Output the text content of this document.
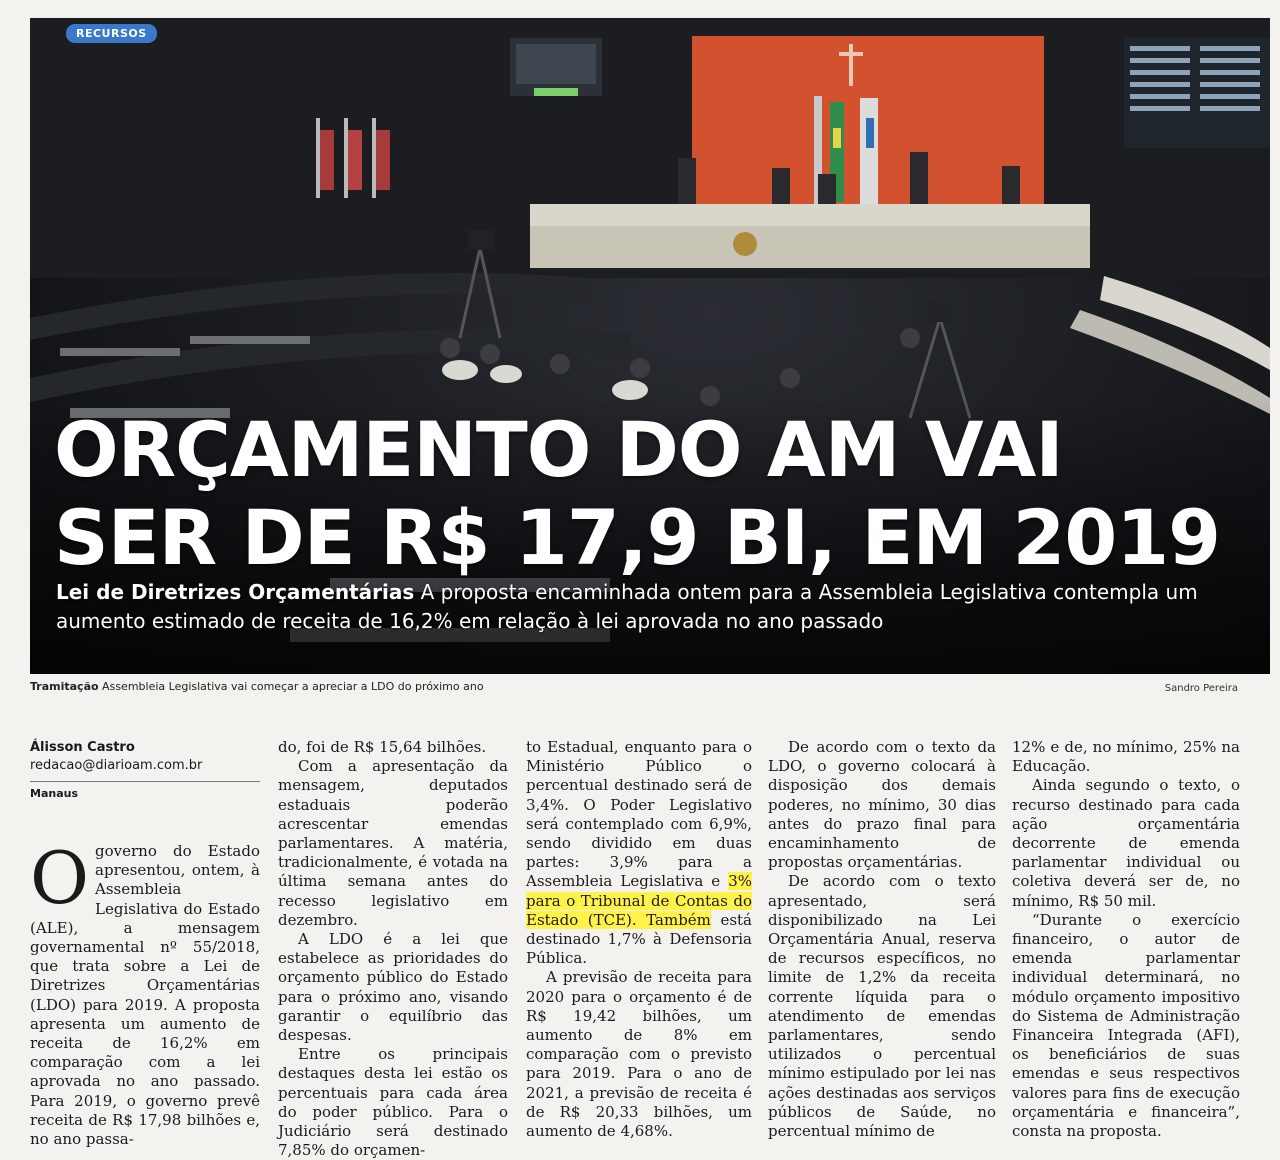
RECURSOS
ORÇAMENTO DO AM VAI
SER DE R$ 17,9 BI, EM 2019
Lei de Diretrizes Orçamentárias A proposta encaminhada ontem para a Assembleia Legislativa contempla um aumento estimado de receita de 16,2% em relação à lei aprovada no ano passado
Tramitação Assembleia Legislativa vai começar a apreciar a LDO do próximo ano	Sandro Pereira
Álisson Castro
redacao@diarioam.com.br
Manaus
O governo do Estado apresentou, ontem, à Assembleia Legislativa do Estado (ALE), a mensagem governamental nº 55/2018, que trata sobre a Lei de Diretrizes Orçamentárias (LDO) para 2019. A proposta apresenta um aumento de receita de 16,2% em comparação com a lei aprovada no ano passado. Para 2019, o governo prevê receita de R$ 17,98 bilhões e, no ano passa-

do, foi de R$ 15,64 bilhões.

Com a apresentação da mensagem, deputados estaduais poderão acrescentar emendas parlamentares. A matéria, tradicionalmente, é votada na última semana antes do recesso legislativo em dezembro.

A LDO é a lei que estabelece as prioridades do orçamento público do Estado para o próximo ano, visando garantir o equilíbrio das despesas.

Entre os principais destaques desta lei estão os percentuais para cada área do poder público. Para o Judiciário será destinado 7,85% do orçamen-

to Estadual, enquanto para o Ministério Público o percentual destinado será de 3,4%. O Poder Legislativo será contemplado com 6,9%, sendo dividido em duas partes: 3,9% para a Assembleia Legislativa e 3% para o Tribunal de Contas do Estado (TCE). Também está destinado 1,7% à Defensoria Pública.

A previsão de receita para 2020 para o orçamento é de R$ 19,42 bilhões, um aumento de 8% em comparação com o previsto para 2019. Para o ano de 2021, a previsão de receita é de R$ 20,33 bilhões, um aumento de 4,68%.

De acordo com o texto da LDO, o governo colocará à disposição dos demais poderes, no mínimo, 30 dias antes do prazo final para encaminhamento de propostas orçamentárias.

De acordo com o texto apresentado, será disponibilizado na Lei Orçamentária Anual, reserva de recursos específicos, no limite de 1,2% da receita corrente líquida para o atendimento de emendas parlamentares, sendo utilizados o percentual mínimo estipulado por lei nas ações destinadas aos serviços públicos de Saúde, no percentual mínimo de

12% e de, no mínimo, 25% na Educação.

Ainda segundo o texto, o recurso destinado para cada ação orçamentária decorrente de emenda parlamentar individual ou coletiva deverá ser de, no mínimo, R$ 50 mil.

“Durante o exercício financeiro, o autor de emenda parlamentar individual determinará, no módulo orçamento impositivo do Sistema de Administração Financeira Integrada (AFI), os beneficiários de suas emendas e seus respectivos valores para fins de execução orçamentária e financeira”, consta na proposta.
